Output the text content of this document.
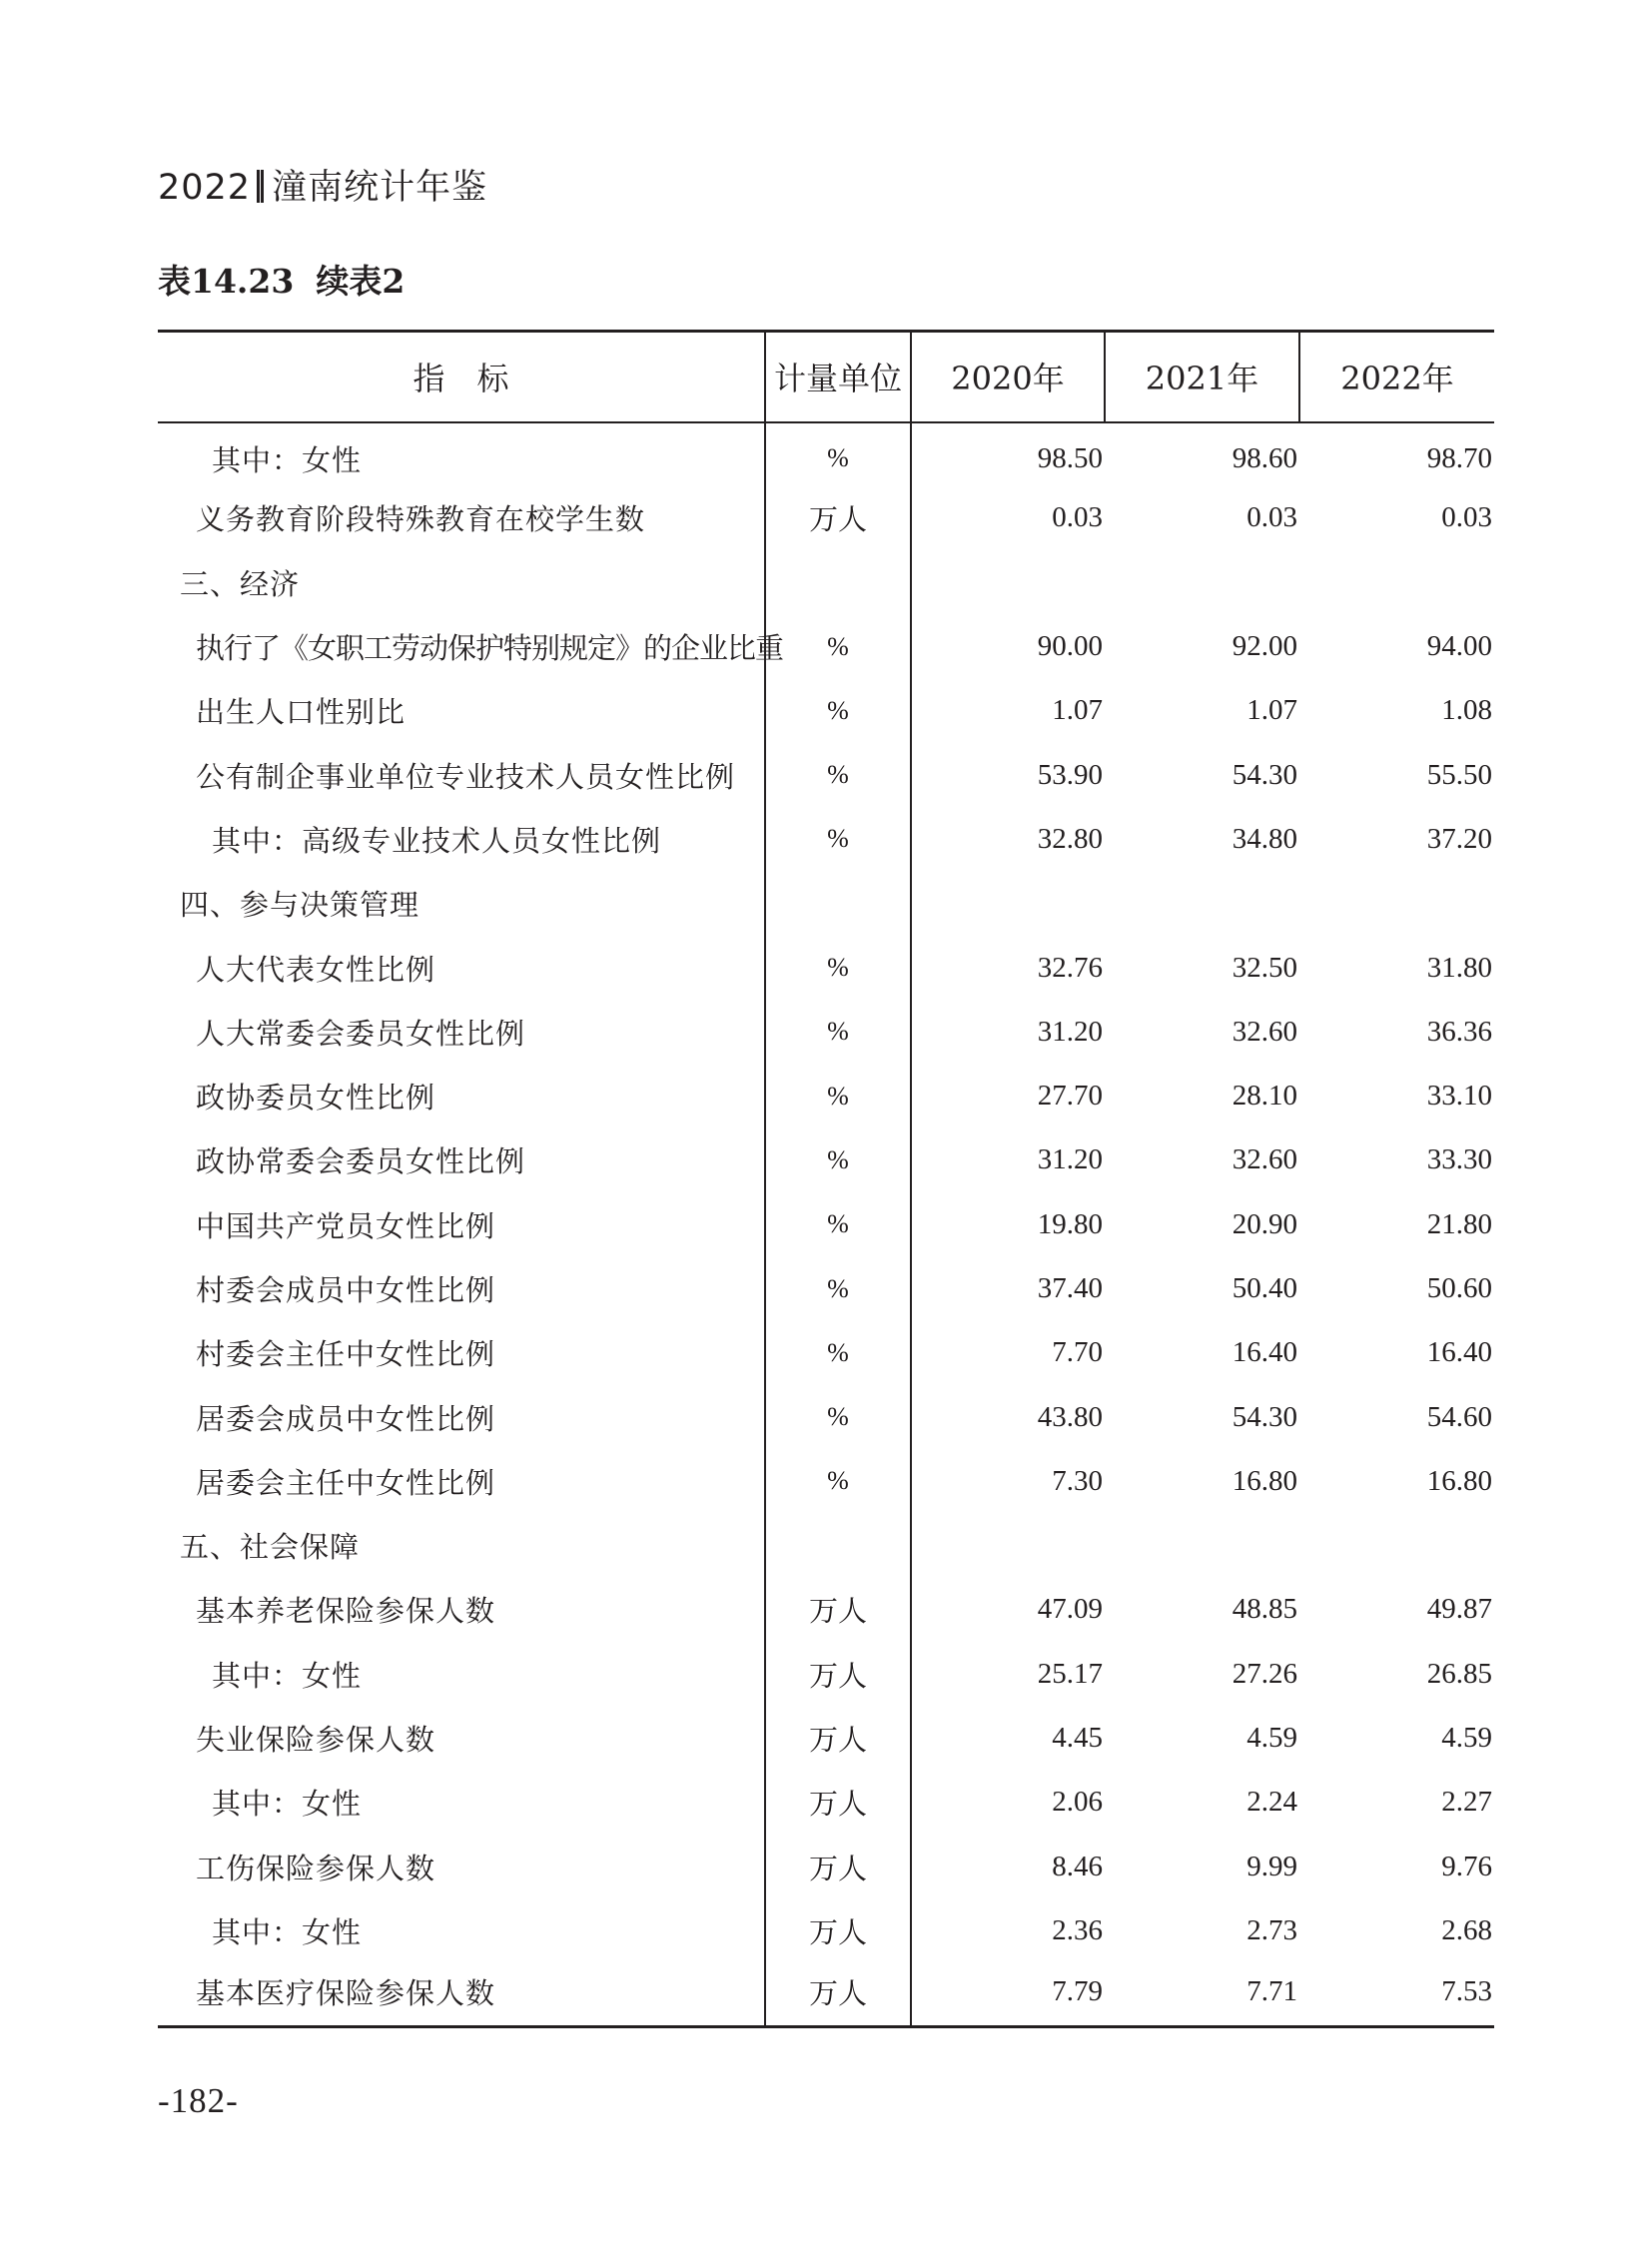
2022 潼南统计年鉴
表14.23 续表2
指　标	计量单位	2020年	2021年	2022年
其中：女性	%	98.50	98.60	98.70
义务教育阶段特殊教育在校学生数	万人	0.03	0.03	0.03
三、经济				
执行了《女职工劳动保护特别规定》的企业比重	%	90.00	92.00	94.00
出生人口性别比	%	1.07	1.07	1.08
公有制企事业单位专业技术人员女性比例	%	53.90	54.30	55.50
其中：高级专业技术人员女性比例	%	32.80	34.80	37.20
四、参与决策管理				
人大代表女性比例	%	32.76	32.50	31.80
人大常委会委员女性比例	%	31.20	32.60	36.36
政协委员女性比例	%	27.70	28.10	33.10
政协常委会委员女性比例	%	31.20	32.60	33.30
中国共产党员女性比例	%	19.80	20.90	21.80
村委会成员中女性比例	%	37.40	50.40	50.60
村委会主任中女性比例	%	7.70	16.40	16.40
居委会成员中女性比例	%	43.80	54.30	54.60
居委会主任中女性比例	%	7.30	16.80	16.80
五、社会保障				
基本养老保险参保人数	万人	47.09	48.85	49.87
其中：女性	万人	25.17	27.26	26.85
失业保险参保人数	万人	4.45	4.59	4.59
其中：女性	万人	2.06	2.24	2.27
工伤保险参保人数	万人	8.46	9.99	9.76
其中：女性	万人	2.36	2.73	2.68
基本医疗保险参保人数	万人	7.79	7.71	7.53
-182-
